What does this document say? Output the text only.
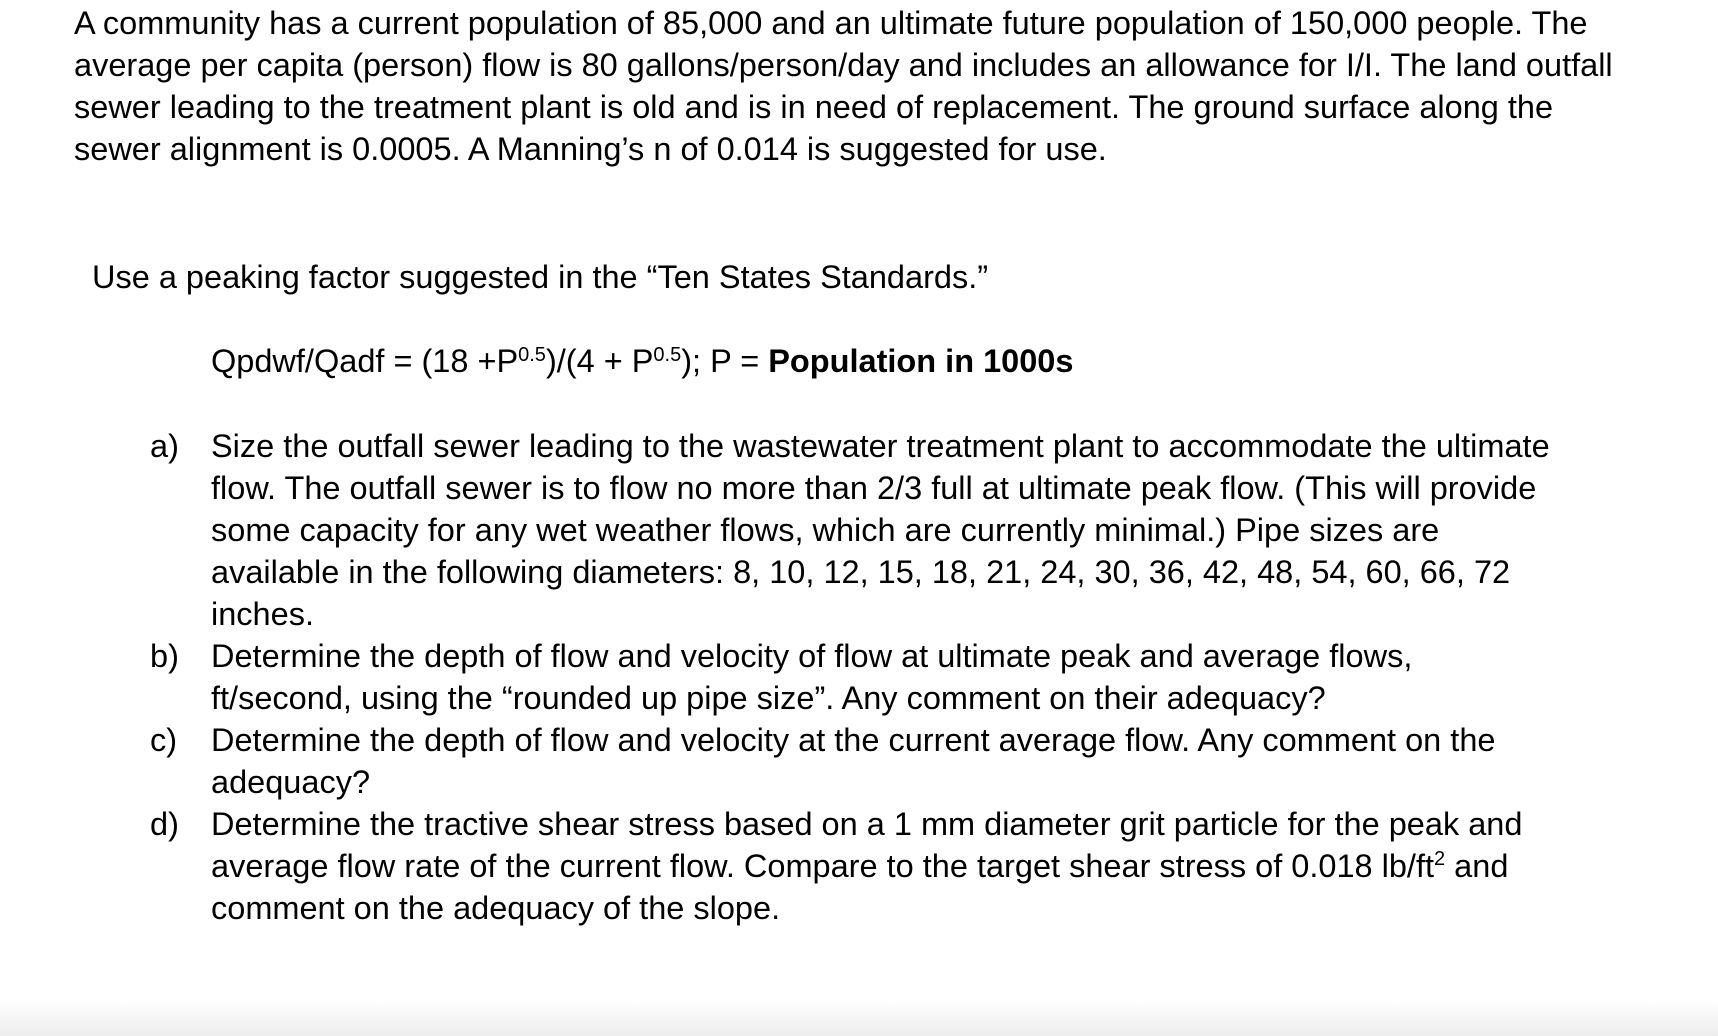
A community has a current population of 85,000 and an ultimate future population of 150,000 people. The average per capita (person) flow is 80 gallons/person/day and includes an allowance for I/I. The land outfall sewer leading to the treatment plant is old and is in need of replacement. The ground surface along the sewer alignment is 0.0005. A Manning’s n of 0.014 is suggested for use.

Use a peaking factor suggested in the “Ten States Standards.”

Qpdwf/Qadf = $(18 +P^{0.5})/(4 + P^{0.5})$; P = Population in 1000s

a) Size the outfall sewer leading to the wastewater treatment plant to accommodate the ultimate flow. The outfall sewer is to flow no more than 2/3 full at ultimate peak flow. (This will provide some capacity for any wet weather flows, which are currently minimal.) Pipe sizes are available in the following diameters: 8, 10, 12, 15, 18, 21, 24, 30, 36, 42, 48, 54, 60, 66, 72 inches.
b) Determine the depth of flow and velocity of flow at ultimate peak and average flows, ft/second, using the “rounded up pipe size”. Any comment on their adequacy?
c)	Determine the depth of flow and velocity at the current average flow. Any comment on the adequacy?
d) Determine the tractive shear stress based on a 1 mm diameter grit particle for the peak and average flow rate of the current flow. Compare to the target shear stress of 0.018 $lb/ft^2$ and comment on the adequacy of the slope.
